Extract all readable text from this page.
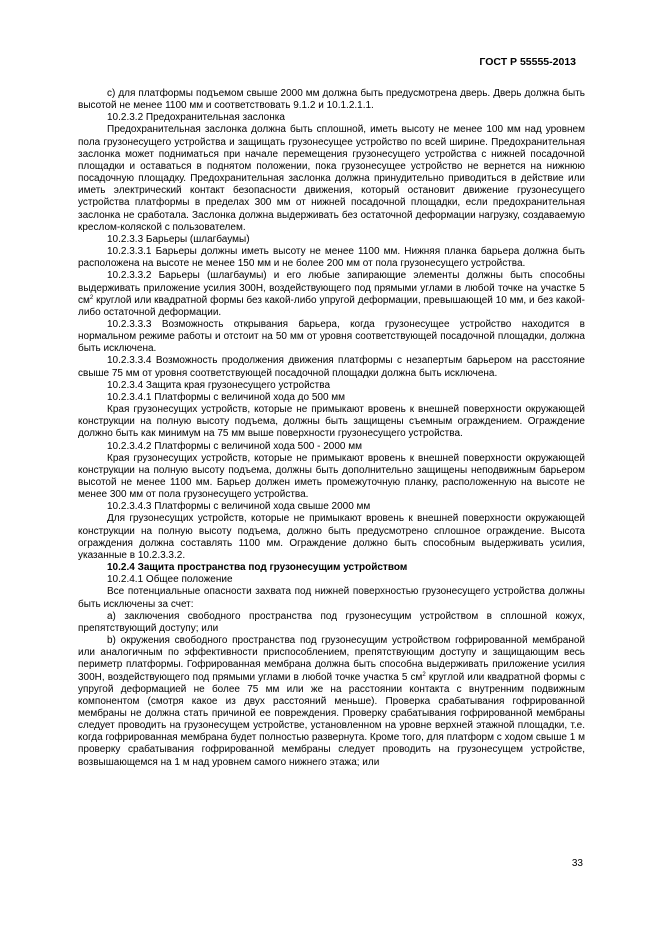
ГОСТ Р 55555-2013

с) для платформы подъемом свыше 2000 мм должна быть предусмотрена дверь. Дверь должна быть высотой не менее 1100 мм и соответствовать 9.1.2 и 10.1.2.1.1.

10.2.3.2 Предохранительная заслонка

Предохранительная заслонка должна быть сплошной, иметь высоту не менее 100 мм над уровнем пола грузонесущего устройства и защищать грузонесущее устройство по всей ширине. Предохранительная заслонка может подниматься при начале перемещения грузонесущего устройства с нижней посадочной площадки и оставаться в поднятом положении, пока грузонесущее устройство не вернется на нижнюю посадочную площадку. Предохранительная заслонка должна принудительно приводиться в действие или иметь электрический контакт безопасности движения, который остановит движение грузонесущего устройства платформы в пределах 300 мм от нижней посадочной площадки, если предохранительная заслонка не сработала. Заслонка должна выдерживать без остаточной деформации нагрузку, создаваемую креслом-коляской с пользователем.

10.2.3.3 Барьеры (шлагбаумы)

10.2.3.3.1 Барьеры должны иметь высоту не менее 1100 мм. Нижняя планка барьера должна быть расположена на высоте не менее 150 мм и не более 200 мм от пола грузонесущего устройства.

10.2.3.3.2 Барьеры (шлагбаумы) и его любые запирающие элементы должны быть способны выдерживать приложение усилия 300Н, воздействующего под прямыми углами в любой точке на участке 5 $см^2$ круглой или квадратной формы без какой-либо упругой деформации, превышающей 10 мм, и без какой-либо остаточной деформации.

10.2.3.3.3 Возможность открывания барьера, когда грузонесущее устройство находится в нормальном режиме работы и отстоит на 50 мм от уровня соответствующей посадочной площадки, должна быть исключена.

10.2.3.3.4 Возможность продолжения движения платформы с незапертым барьером на расстояние свыше 75 мм от уровня соответствующей посадочной площадки должна быть исключена.

10.2.3.4 Защита края грузонесущего устройства

10.2.3.4.1 Платформы с величиной хода до 500 мм

Края грузонесущих устройств, которые не примыкают вровень к внешней поверхности окружающей конструкции на полную высоту подъема, должны быть защищены съемным ограждением. Ограждение должно быть как минимум на 75 мм выше поверхности грузонесущего устройства.

10.2.3.4.2 Платформы с величиной хода 500 - 2000 мм

Края грузонесущих устройств, которые не примыкают вровень к внешней поверхности окружающей конструкции на полную высоту подъема, должны быть дополнительно защищены неподвижным барьером высотой не менее 1100 мм. Барьер должен иметь промежуточную планку, расположенную на высоте не менее 300 мм от пола грузонесущего устройства.

10.2.3.4.3 Платформы с величиной хода свыше 2000 мм

Для грузонесущих устройств, которые не примыкают вровень к внешней поверхности окружающей конструкции на полную высоту подъема, должно быть предусмотрено сплошное ограждение. Высота ограждения должна составлять 1100 мм. Ограждение должно быть способным выдерживать усилия, указанные в 10.2.3.3.2.

10.2.4 Защита пространства под грузонесущим устройством

10.2.4.1 Общее положение

Все потенциальные опасности захвата под нижней поверхностью грузонесущего устройства должны быть исключены за счет:

а) заключения свободного пространства под грузонесущим устройством в сплошной кожух, препятствующий доступу; или

b) окружения свободного пространства под грузонесущим устройством гофрированной мембраной или аналогичным по эффективности приспособлением, препятствующим доступу и защищающим весь периметр платформы. Гофрированная мембрана должна быть способна выдерживать приложение усилия 300Н, воздействующего под прямыми углами в любой точке участка 5 $см^2$ круглой или квадратной формы с упругой деформацией не более 75 мм или же на расстоянии контакта с внутренним подвижным компонентом (смотря какое из двух расстояний меньше). Проверка срабатывания гофрированной мембраны не должна стать причиной ее повреждения. Проверку срабатывания гофрированной мембраны следует проводить на грузонесущем устройстве, установленном на уровне верхней этажной площадки, т.е. когда гофрированная мембрана будет полностью развернута. Кроме того, для платформ с ходом свыше 1 м проверку срабатывания гофрированной мембраны следует проводить на грузонесущем устройстве, возвышающемся на 1 м над уровнем самого нижнего этажа; или

33
